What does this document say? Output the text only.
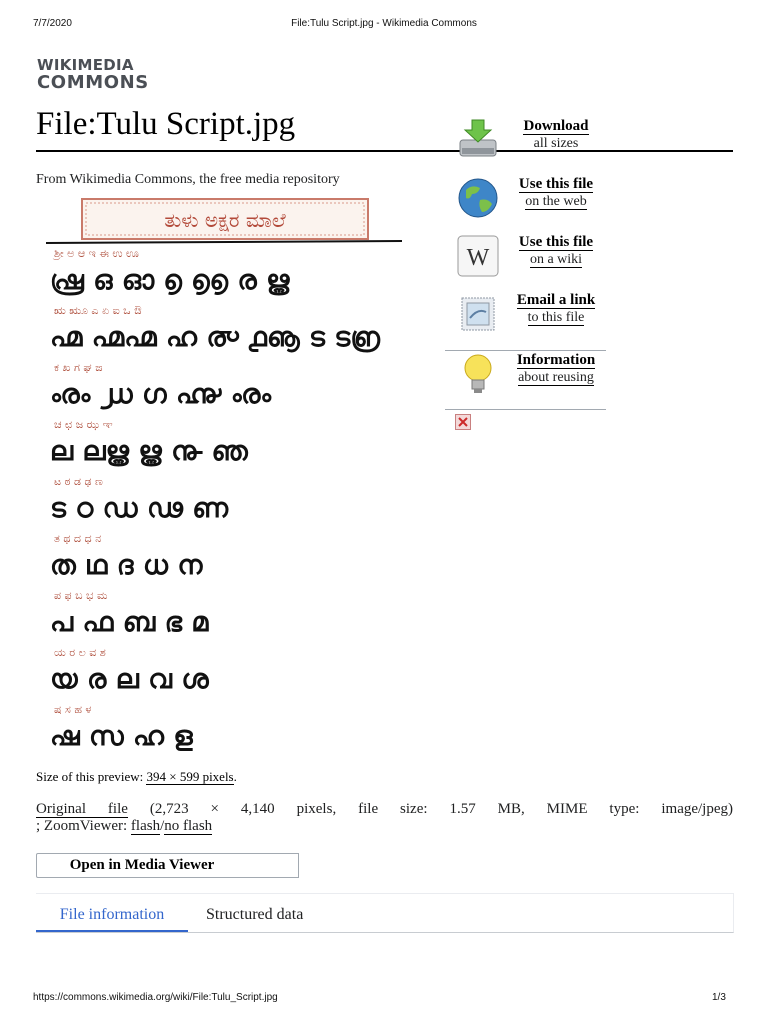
7/7/2020	File:Tulu Script.jpg - Wikimedia Commons
WIKIMEDIA
COMMONS
File:Tulu Script.jpg
From Wikimedia Commons, the free media repository
ತುಳು ಅಕ್ಷರ ಮಾಲೆ
ಶ್ರೀ ಅ ಆ ಇ ಈ ಉ ಊ
ഷ്ര ഒ ഓ ൭ ൭൭ ര ൠ
ಋ ಋೂ ಎ ಏ ಐ ಒ ಔ
൶ ൶൶ ഹ ൞ ൧ൡ ട ട൏
ಕ ಖ ಗ ಘ ಙ
ൟ ൰ ഗ ൷ ൟ
ಚ ಛ ಜ ಝ ಞ
ല ലൠ ൠ ൹ ഞ
ಟ ಠ ಡ ಢ ಣ
ട ഠ ഡ ഢ ണ
ತ ಥ ದ ಧ ನ
ത ഥ ദ ധ ന
ಪ ಫ ಬ ಭ ಮ
പ ഫ ബ ഭ മ
ಯ ರ ಲ ವ ಶ
യ ര ല വ ശ
ಷ ಸ ಹ ಳ
ഷ സ ഹ ള
Download
all sizes
Use this file
on the web
W
Use this file
on a wiki
Email a link
to this file
Information
about reusing
Size of this preview: 394 × 599 pixels.
Original file (2,723 × 4,140 pixels, file size: 1.57 MB, MIME type: image/jpeg)
; ZoomViewer: flash/no flash
Open in Media Viewer
File information	Structured data
https://commons.wikimedia.org/wiki/File:Tulu_Script.jpg	1/3
